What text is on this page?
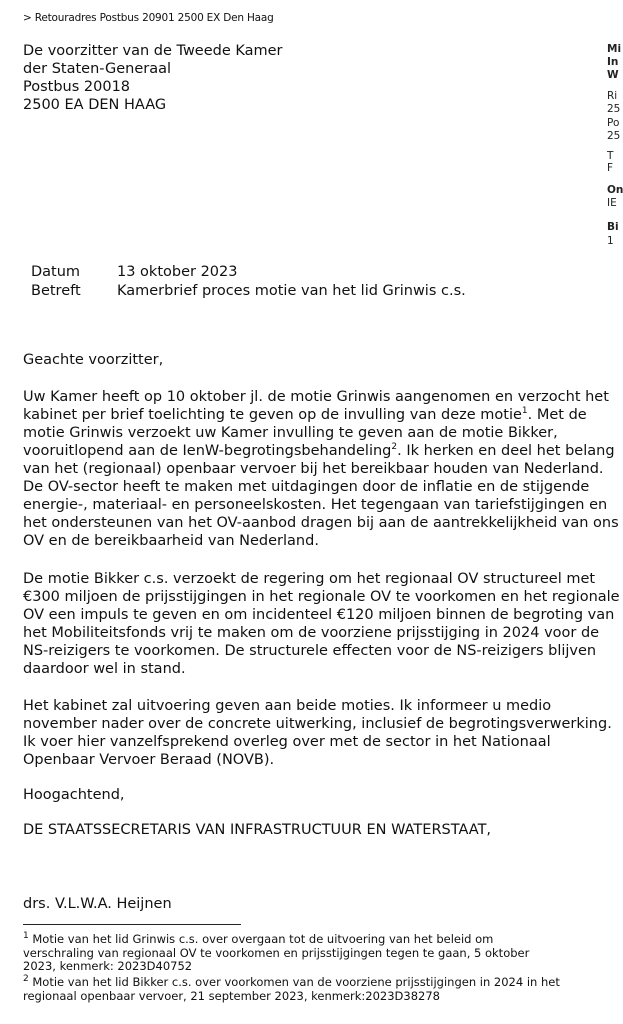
> Retouradres Postbus 20901 2500 EX Den Haag
De voorzitter van de Tweede Kamer
der Staten-Generaal
Postbus 20018
2500 EA DEN HAAG
Mi
In
W
Ri
25
Po
25
T
F
On
IE
Bi
1
Datum	13 oktober 2023
Betreft	Kamerbrief proces motie van het lid Grinwis c.s.
Geachte voorzitter,
Uw Kamer heeft op 10 oktober jl. de motie Grinwis aangenomen en verzocht het
kabinet per brief toelichting te geven op de invulling van deze motie$^1$. Met de
motie Grinwis verzoekt uw Kamer invulling te geven aan de motie Bikker,
vooruitlopend aan de IenW-begrotingsbehandeling$^2$. Ik herken en deel het belang
van het (regionaal) openbaar vervoer bij het bereikbaar houden van Nederland.
De OV-sector heeft te maken met uitdagingen door de inflatie en de stijgende
energie-, materiaal- en personeelskosten. Het tegengaan van tariefstijgingen en
het ondersteunen van het OV-aanbod dragen bij aan de aantrekkelijkheid van ons
OV en de bereikbaarheid van Nederland.
De motie Bikker c.s. verzoekt de regering om het regionaal OV structureel met
€300 miljoen de prijsstijgingen in het regionale OV te voorkomen en het regionale
OV een impuls te geven en om incidenteel €120 miljoen binnen de begroting van
het Mobiliteitsfonds vrij te maken om de voorziene prijsstijging in 2024 voor de
NS-reizigers te voorkomen. De structurele effecten voor de NS-reizigers blijven
daardoor wel in stand.
Het kabinet zal uitvoering geven aan beide moties. Ik informeer u medio
november nader over de concrete uitwerking, inclusief de begrotingsverwerking.
Ik voer hier vanzelfsprekend overleg over met de sector in het Nationaal
Openbaar Vervoer Beraad (NOVB).
Hoogachtend,
DE STAATSSECRETARIS VAN INFRASTRUCTUUR EN WATERSTAAT,
drs. V.L.W.A. Heijnen
$^1$ Motie van het lid Grinwis c.s. over overgaan tot de uitvoering van het beleid om
verschraling van regionaal OV te voorkomen en prijsstijgingen tegen te gaan, 5 oktober
2023, kenmerk: 2023D40752
$^2$ Motie van het lid Bikker c.s. over voorkomen van de voorziene prijsstijgingen in 2024 in het
regionaal openbaar vervoer, 21 september 2023, kenmerk:2023D38278
